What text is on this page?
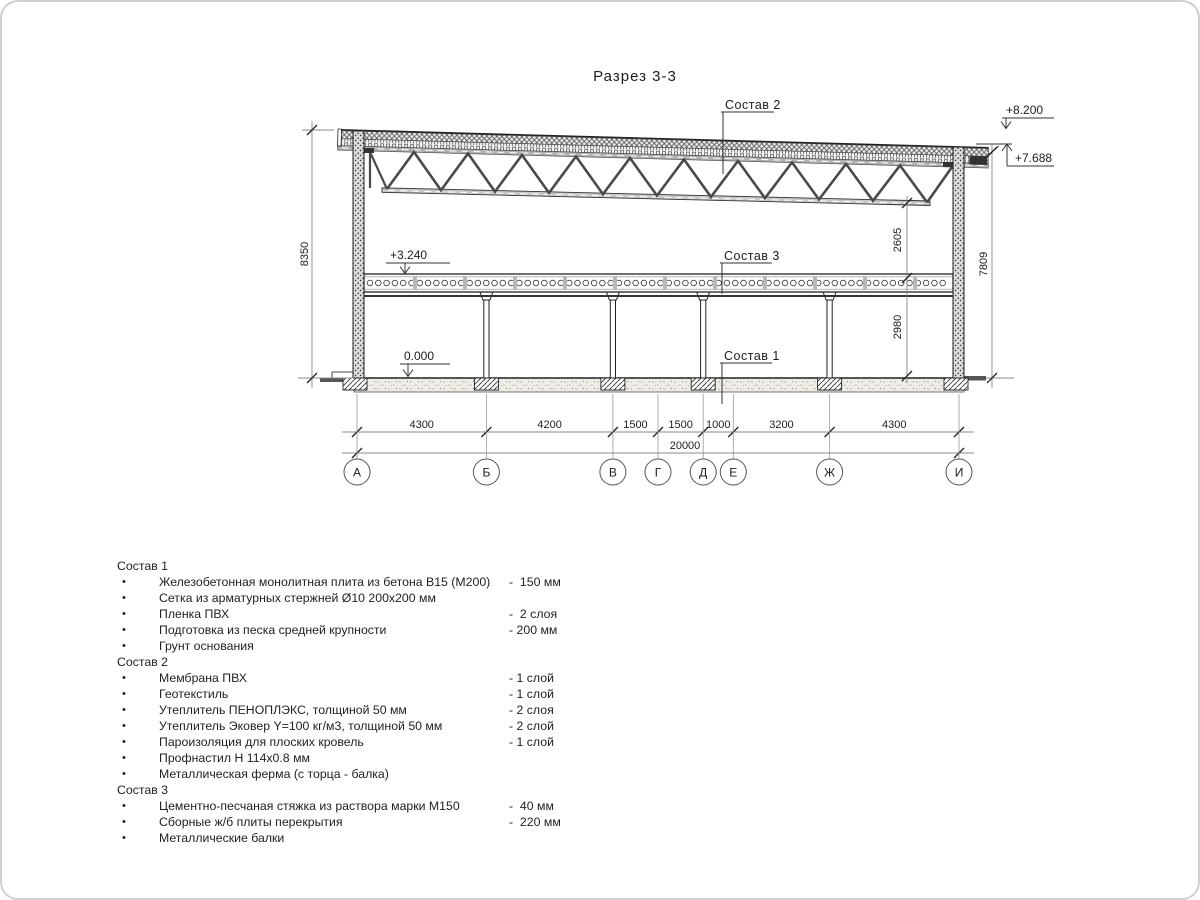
Разрез 3-3
Состав 2
Состав 3
Состав 1
+3.240
0.000
+8.200
+7.688
8350
2605
2980
7809
4300	4200	1500 1500 1000	3200	4300
20000
А	Б	В	Г	Д Е	Ж	И
Состав 1
•	Железобетонная монолитная плита из бетона В15 (М200)	-  150 мм
•	Сетка из арматурных стержней Ø10 200х200 мм
•	Пленка ПВХ	-  2 слоя
•	Подготовка из песка средней крупности	- 200 мм
•	Грунт основания
Состав 2
•	Мембрана ПВХ	- 1 слой
•	Геотекстиль	- 1 слой
•	Утеплитель ПЕНОПЛЭКС, толщиной 50 мм	- 2 слоя
•	Утеплитель Эковер Y=100 кг/м3, толщиной 50 мм	- 2 слой
•	Пароизоляция для плоских кровель	- 1 слой
•	Профнастил Н 114х0.8 мм
•	Металлическая ферма (с торца - балка)
Состав 3
•	Цементно-песчаная стяжка из раствора марки М150	-  40 мм
•	Сборные ж/б плиты перекрытия	-  220 мм
•	Металлические балки
